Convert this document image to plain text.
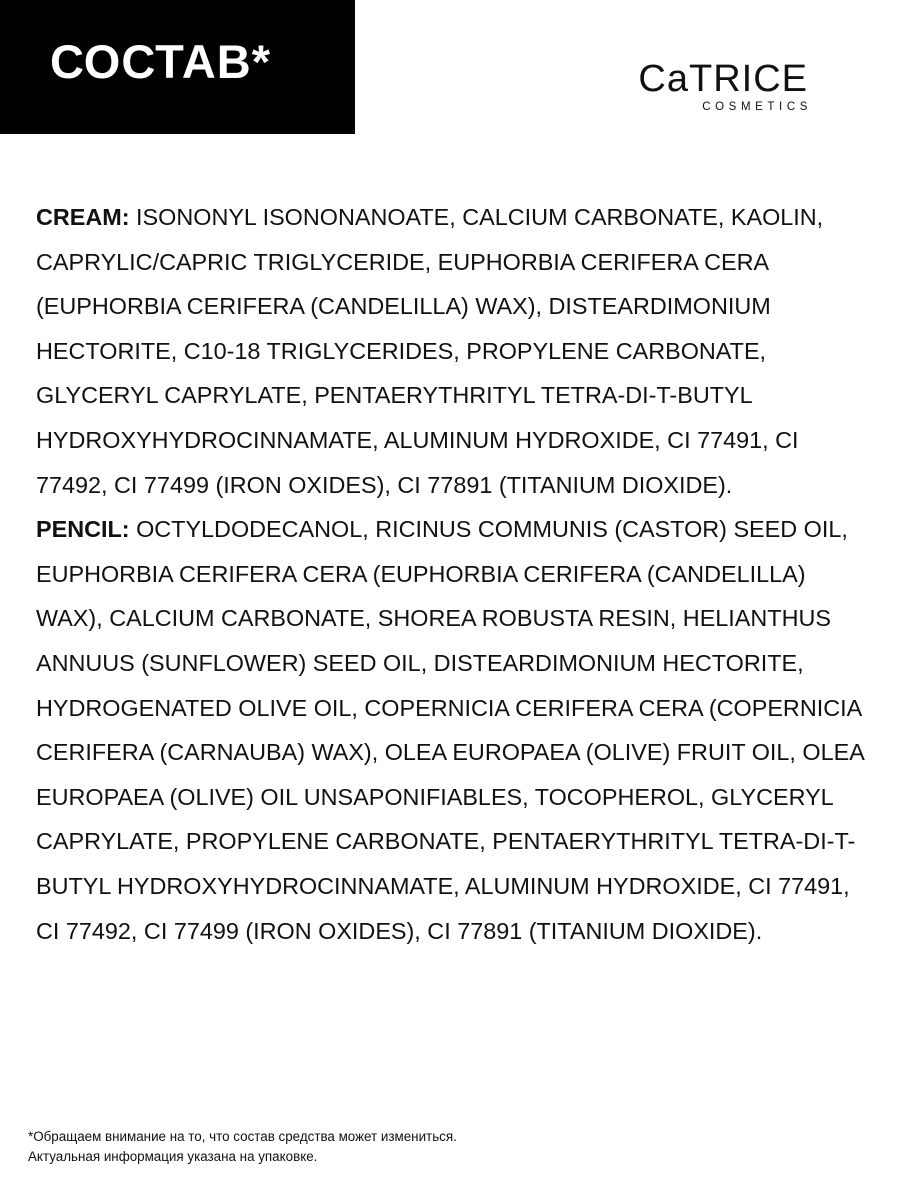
СОСТАВ*	CaTRICE
COSMETICS

CREAM: ISONONYL ISONONANOATE, CALCIUM CARBONATE, KAOLIN, CAPRYLIC/CAPRIC TRIGLYCERIDE, EUPHORBIA CERIFERA CERA (EUPHORBIA CERIFERA (CANDELILLA) WAX), DISTEARDIMONIUM HECTORITE, C10-18 TRIGLYCERIDES, PROPYLENE CARBONATE, GLYCERYL CAPRYLATE, PENTAERYTHRITYL TETRA-DI-T-BUTYL HYDROXYHYDROCINNAMATE, ALUMINUM HYDROXIDE, CI 77491, CI 77492, CI 77499 (IRON OXIDES), CI 77891 (TITANIUM DIOXIDE).

PENCIL: OCTYLDODECANOL, RICINUS COMMUNIS (CASTOR) SEED OIL, EUPHORBIA CERIFERA CERA (EUPHORBIA CERIFERA (CANDELILLA) WAX), CALCIUM CARBONATE, SHOREA ROBUSTA RESIN, HELIANTHUS ANNUUS (SUNFLOWER) SEED OIL, DISTEARDIMONIUM HECTORITE, HYDROGENATED OLIVE OIL, COPERNICIA CERIFERA CERA (COPERNICIA CERIFERA (CARNAUBA) WAX), OLEA EUROPAEA (OLIVE) FRUIT OIL, OLEA EUROPAEA (OLIVE) OIL UNSAPONIFIABLES, TOCOPHEROL, GLYCERYL CAPRYLATE, PROPYLENE CARBONATE, PENTAERYTHRITYL TETRA-DI-T-BUTYL HYDROXYHYDROCINNAMATE, ALUMINUM HYDROXIDE, CI 77491, CI 77492, CI 77499 (IRON OXIDES), CI 77891 (TITANIUM DIOXIDE).

*Обращаем внимание на то, что состав средства может измениться.

Актуальная информация указана на упаковке.
